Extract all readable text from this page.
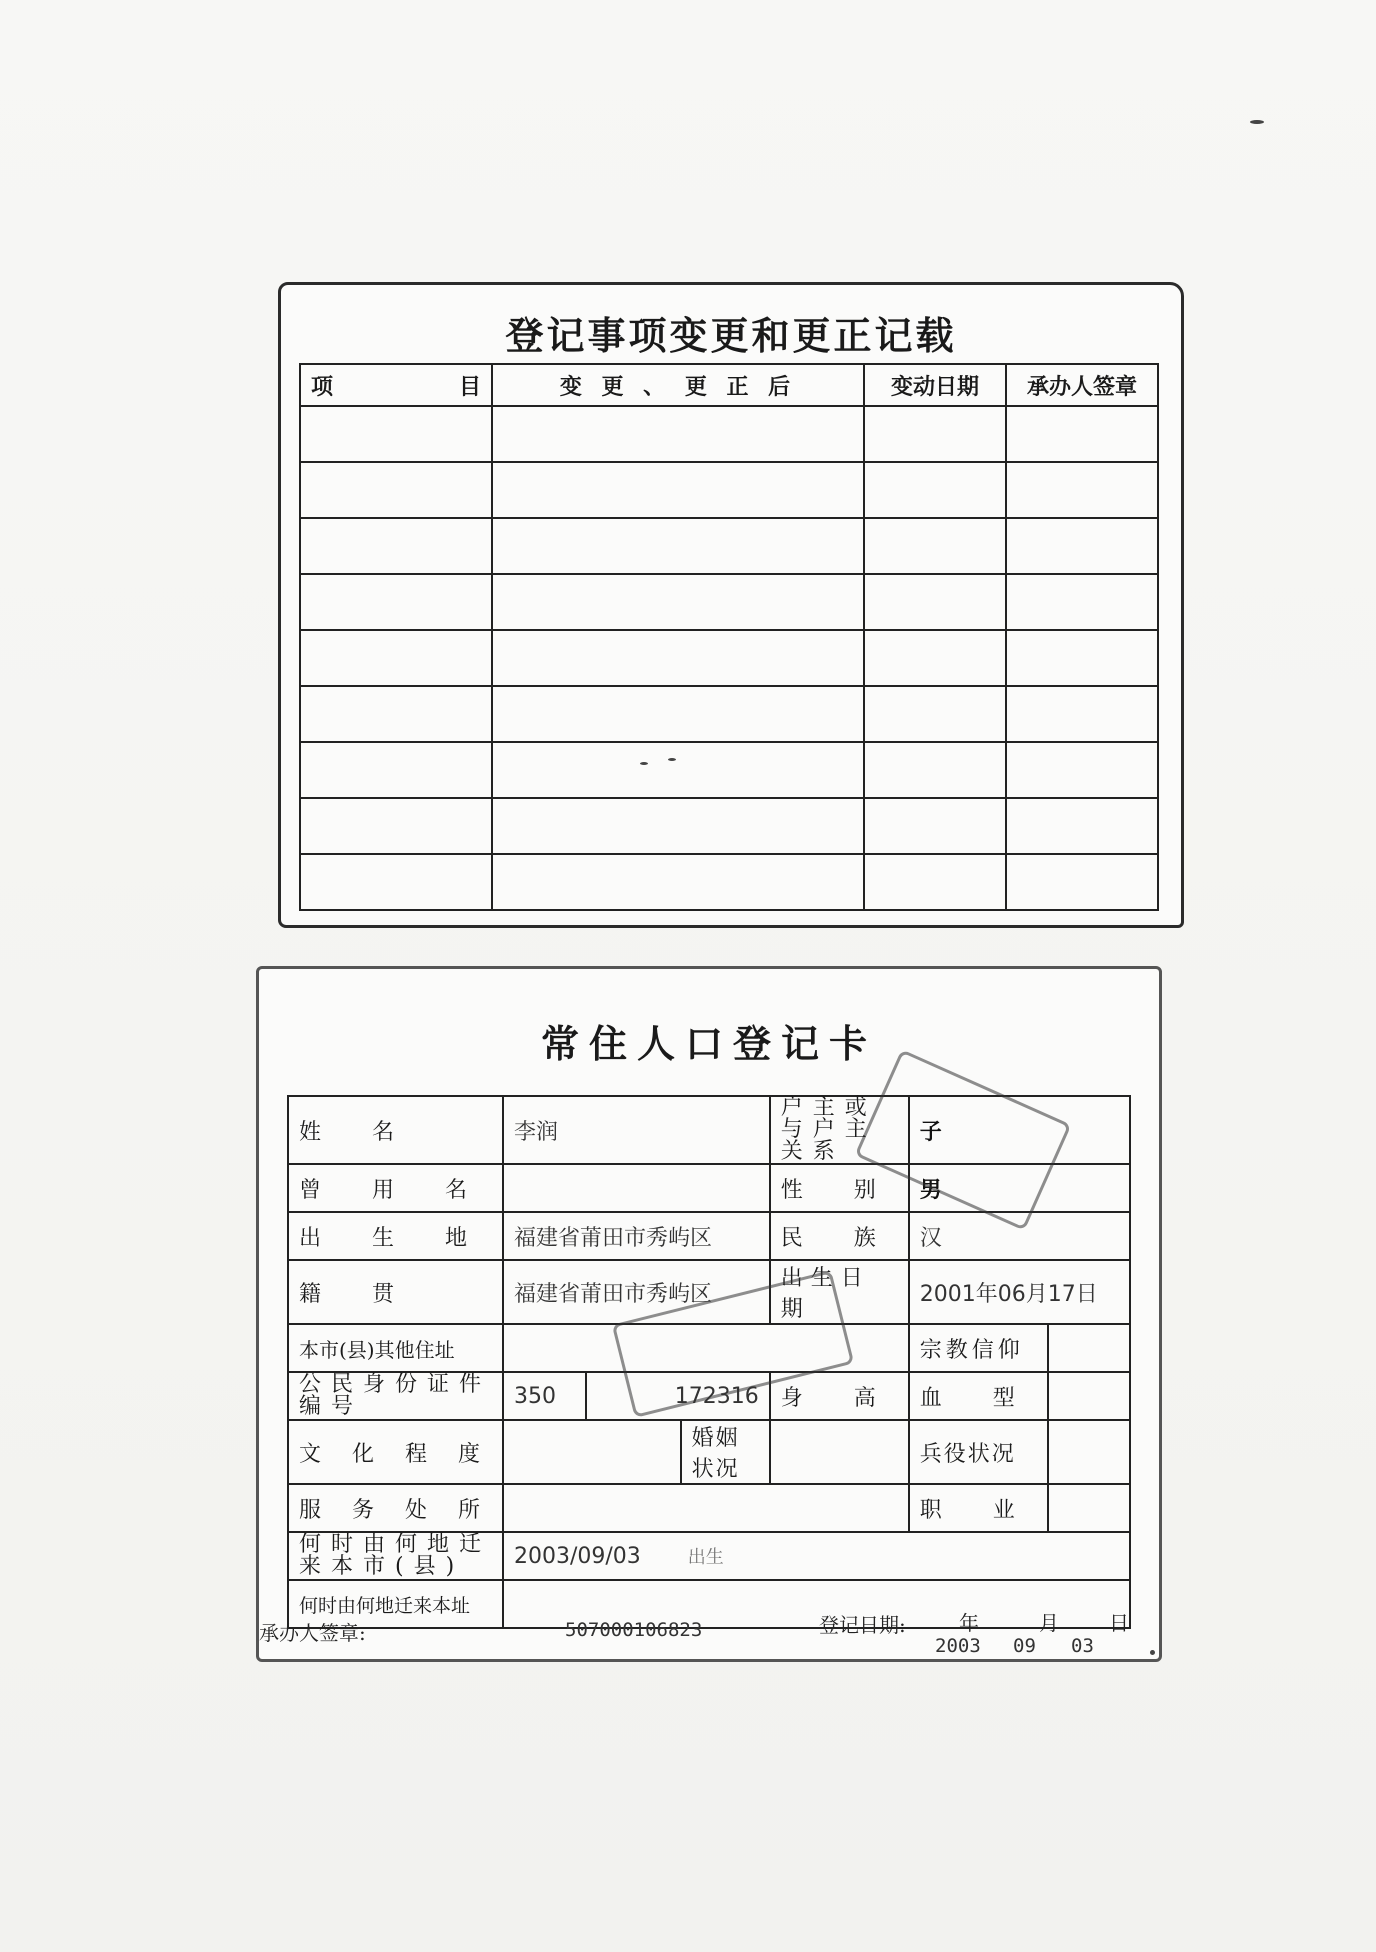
登记事项变更和更正记载
项 目	变 更 、 更 正 后	变动日期	承办人签章

常住人口登记卡
姓 名	李润			户主或与户主关系	子	
曾 用 名				性 别	男	
出 生 地	福建省莆田市秀屿区			民 族	汉	
籍 贯	福建省莆田市秀屿区			出生日期	2001年06月17日	
本市(县)其他住址					宗教信仰	
公民身份证件编号	350	172316		身 高	血 型	
文 化 程 度			婚姻状况		兵役状况	
服 务 处 所					职 业	
何时由何地迁来本市(县)	2003/09/03 出生					
何时由何地迁来本址						
承办人签章:	507000106823	登记日期:	年	月	日
2003 09 03
